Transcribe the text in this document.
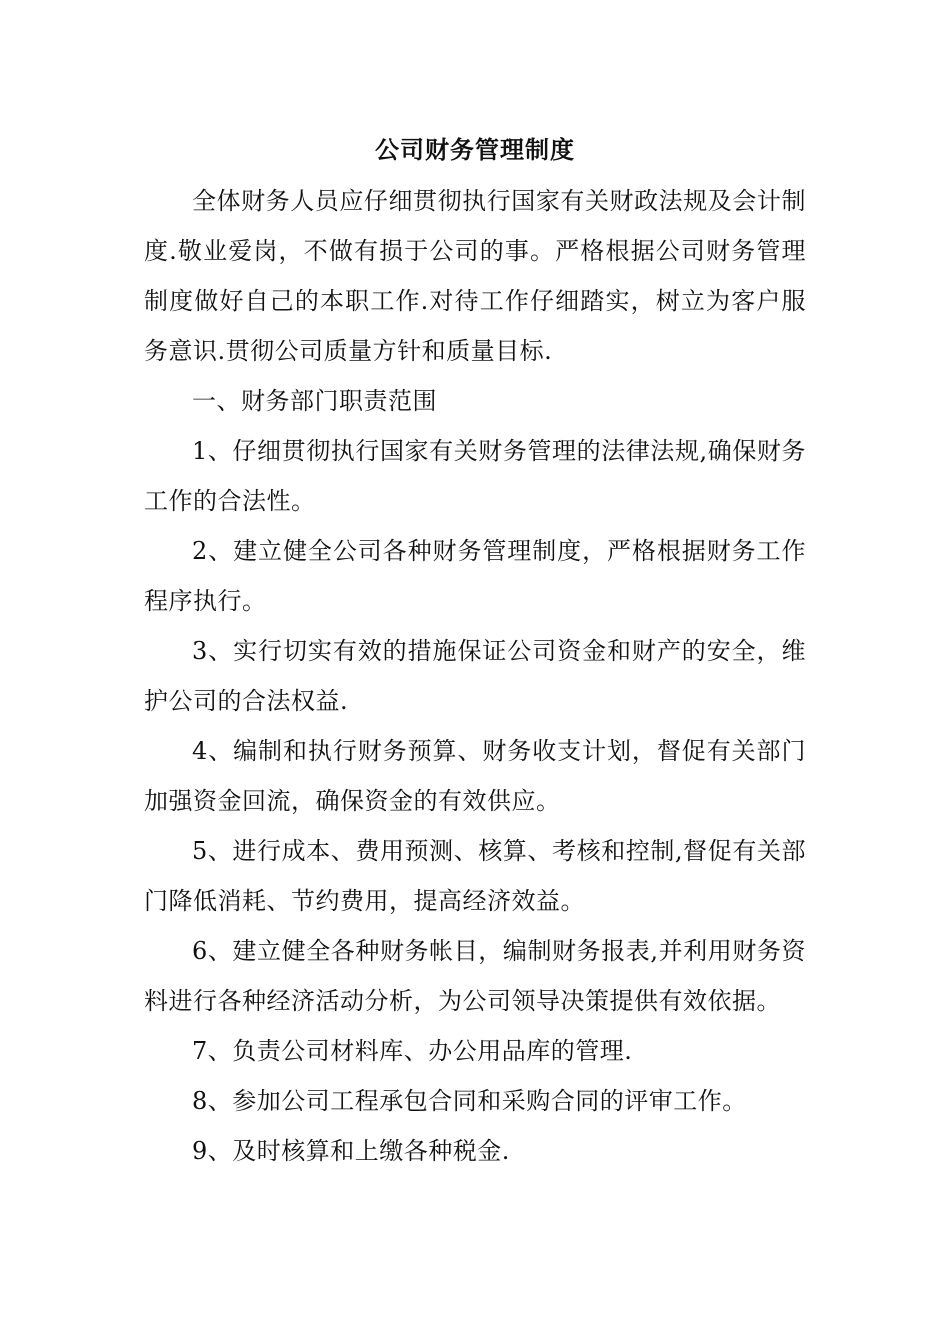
公司财务管理制度

全体财务人员应仔细贯彻执行国家有关财政法规及会计制度.敬业爱岗，不做有损于公司的事。严格根据公司财务管理制度做好自己的本职工作.对待工作仔细踏实，树立为客户服务意识.贯彻公司质量方针和质量目标.

一、财务部门职责范围

1、仔细贯彻执行国家有关财务管理的法律法规,确保财务工作的合法性。

2、建立健全公司各种财务管理制度，严格根据财务工作程序执行。

3、实行切实有效的措施保证公司资金和财产的安全，维护公司的合法权益.

4、编制和执行财务预算、财务收支计划，督促有关部门加强资金回流，确保资金的有效供应。

5、进行成本、费用预测、核算、考核和控制,督促有关部门降低消耗、节约费用，提高经济效益。

6、建立健全各种财务帐目，编制财务报表,并利用财务资料进行各种经济活动分析，为公司领导决策提供有效依据。

7、负责公司材料库、办公用品库的管理.

8、参加公司工程承包合同和采购合同的评审工作。

9、及时核算和上缴各种税金.
